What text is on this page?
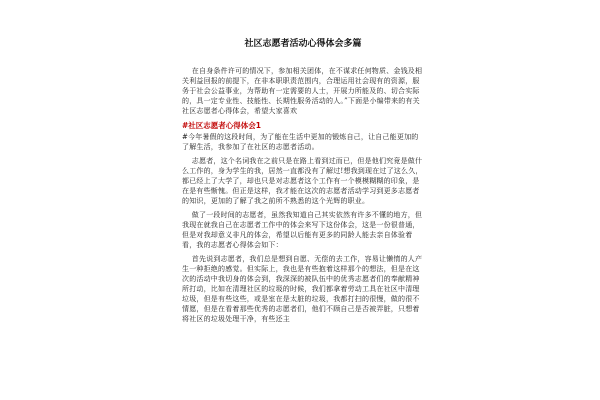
社区志愿者活动心得体会多篇
在自身条件许可的情况下，参加相关团体，在不谋求任何物质、金钱及相关利益回报的前提下，在非本职职责范围内，合理运用社会现有的资源，服务于社会公益事业，为帮助有一定需要的人士，开展力所能及的、切合实际的，具一定专业性、技能性、长期性服务活动的人。”下面是小编带来的有关社区志愿者心得体会，希望大家喜欢
#社区志愿者心得体会1
#今年暑假的这段时间，为了能在生活中更加的锻炼自己，让自己能更加的了解生活，我参加了在社区的志愿者活动。
志愿者，这个名词我在之前只是在路上看到过而已，但是他们究竟是做什么工作的，身为学生的我，居然一直都没有了解过!想我到现在过了这么久，都已经上了大学了，却也只是对志愿者这个工作有一个模模糊糊的印象，是在是有些惭愧。但正是这样，我才能在这次的志愿者活动学习到更多志愿者的知识，更加的了解了我之前所不熟悉的这个光辉的职业。
做了一段时间的志愿者，虽然我知道自己其实依然有许多不懂的地方，但我现在就我自己在志愿者工作中的体会来写下这份体会，这是一份很普通，但是对我却意义非凡的体会，希望以后能有更多的同龄人能去亲自体验着看，我的志愿者心得体会如下：
首先说到志愿者，我们总是想到自愿、无偿的去工作，容易让懒惰的人产生一种拒绝的感觉。但实际上，我也是有些抱着这样那个的想法，但是在这次的活动中我切身的体会到，我深深的被队伍中的优秀志愿者们的奉献精神所打动，比如在清理社区的垃圾的时候，我们都拿着劳动工具在社区中清理垃圾，但是有些这些，或是室在是太脏的垃圾，我都打扫的很慢，做的很不情愿，但是在看着那些优秀的志愿者们，他们不顾自己是否被弄脏，只想着将社区的垃圾处理干净，有些还主
